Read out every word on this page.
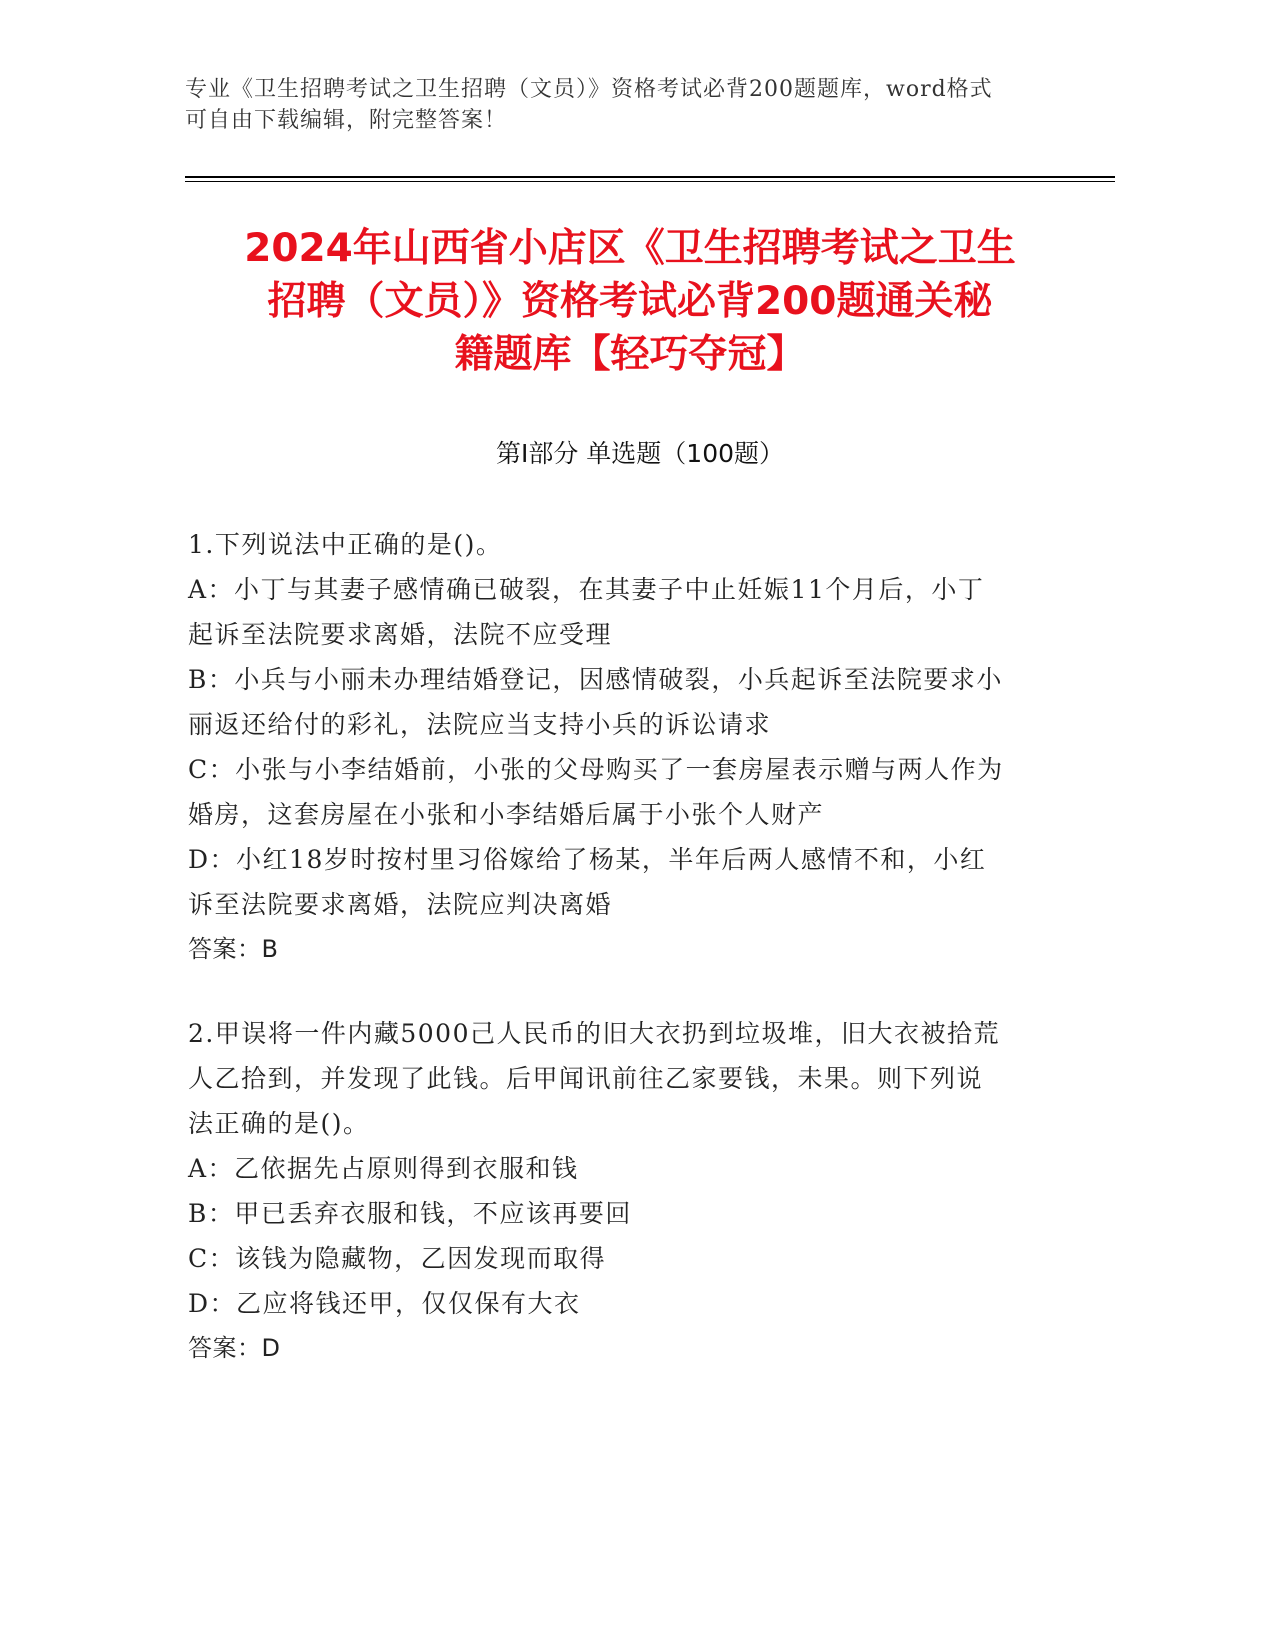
专业《卫生招聘考试之卫生招聘（文员）》资格考试必背200题题库，word格式
可自由下载编辑，附完整答案！
2024年山西省小店区《卫生招聘考试之卫生
招聘（文员）》资格考试必背200题通关秘
籍题库【轻巧夺冠】
第I部分 单选题（100题）
1.下列说法中正确的是()。
A：小丁与其妻子感情确已破裂，在其妻子中止妊娠11个月后，小丁
起诉至法院要求离婚，法院不应受理
B：小兵与小丽未办理结婚登记，因感情破裂，小兵起诉至法院要求小
丽返还给付的彩礼，法院应当支持小兵的诉讼请求
C：小张与小李结婚前，小张的父母购买了一套房屋表示赠与两人作为
婚房，这套房屋在小张和小李结婚后属于小张个人财产
D：小红18岁时按村里习俗嫁给了杨某，半年后两人感情不和，小红
诉至法院要求离婚，法院应判决离婚
答案：B
2.甲误将一件内藏5000己人民币的旧大衣扔到垃圾堆，旧大衣被拾荒
人乙拾到，并发现了此钱。后甲闻讯前往乙家要钱，未果。则下列说
法正确的是()。
A：乙依据先占原则得到衣服和钱
B：甲已丢弃衣服和钱，不应该再要回
C：该钱为隐藏物，乙因发现而取得
D：乙应将钱还甲，仅仅保有大衣
答案：D
